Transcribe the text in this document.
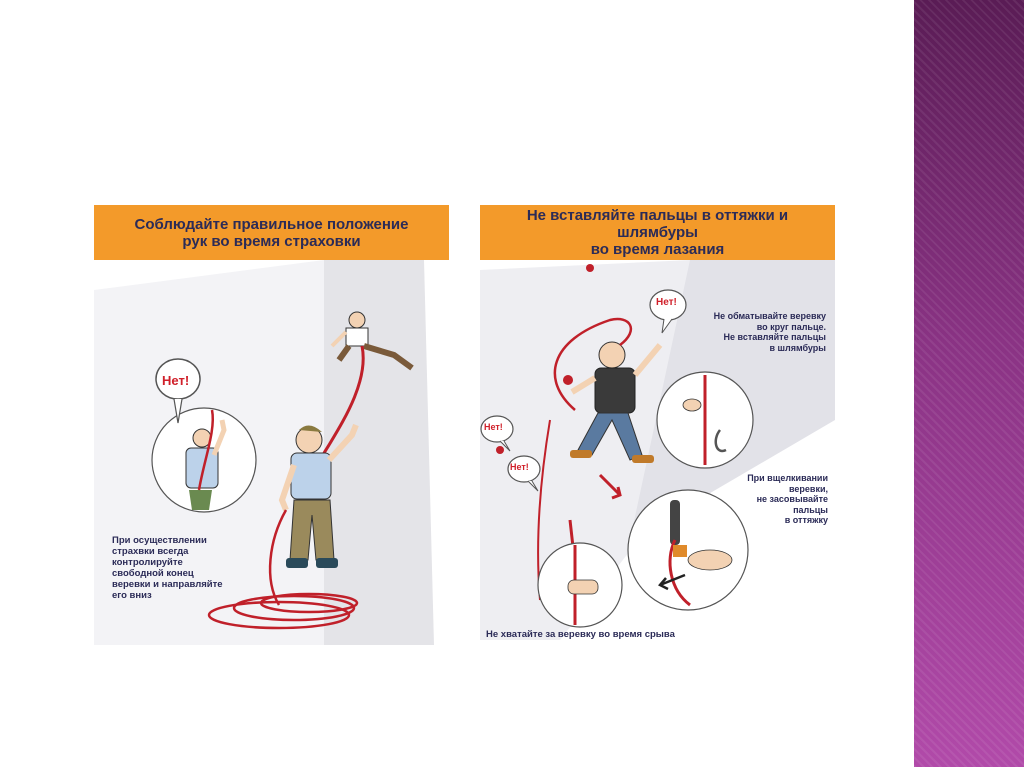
Соблюдайте правильное положение
рук во время страховки
Нет!
При осуществлении
страхвки всегда
контролируйте
свободной конец
веревки и направляйте
его вниз
Не вставляйте пальцы в оттяжки и шлямбуры
во время лазания
Нет!
Нет!
Нет!
Не обматывайте веревку
во круг пальце.
Не вставляйте пальцы
в шлямбуры
При вщелкивании
веревки,
не засовывайте
пальцы
в оттяжку
Не хватайте за веревку во время срыва
